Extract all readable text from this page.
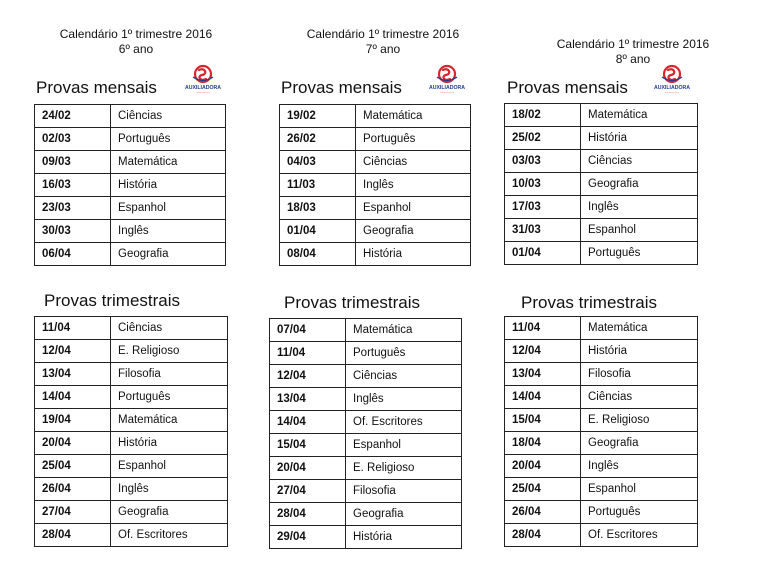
Calendário 1º trimestre 2016
6º ano
Provas mensais	AUXILIADORA
~~~~~~~~
24/02	Ciências
02/03	Português
09/03	Matemática
16/03	História
23/03	Espanhol
30/03	Inglês
06/04	Geografia
Provas trimestrais
11/04	Ciências
12/04	E. Religioso
13/04	Filosofia
14/04	Português
19/04	Matemática
20/04	História
25/04	Espanhol
26/04	Inglês
27/04	Geografia
28/04	Of. Escritores
Calendário 1º trimestre 2016
7º ano
Provas mensais	AUXILIADORA
~~~~~~~~
19/02	Matemática
26/02	Português
04/03	Ciências
11/03	Inglês
18/03	Espanhol
01/04	Geografia
08/04	História
Provas trimestrais
07/04	Matemática
11/04	Português
12/04	Ciências
13/04	Inglês
14/04	Of. Escritores
15/04	Espanhol
20/04	E. Religioso
27/04	Filosofia
28/04	Geografia
29/04	História
Calendário 1º trimestre 2016
8º ano
Provas mensais	AUXILIADORA
~~~~~~~~
18/02	Matemática
25/02	História
03/03	Ciências
10/03	Geografia
17/03	Inglês
31/03	Espanhol
01/04	Português
Provas trimestrais
11/04	Matemática
12/04	História
13/04	Filosofia
14/04	Ciências
15/04	E. Religioso
18/04	Geografia
20/04	Inglês
25/04	Espanhol
26/04	Português
28/04	Of. Escritores
